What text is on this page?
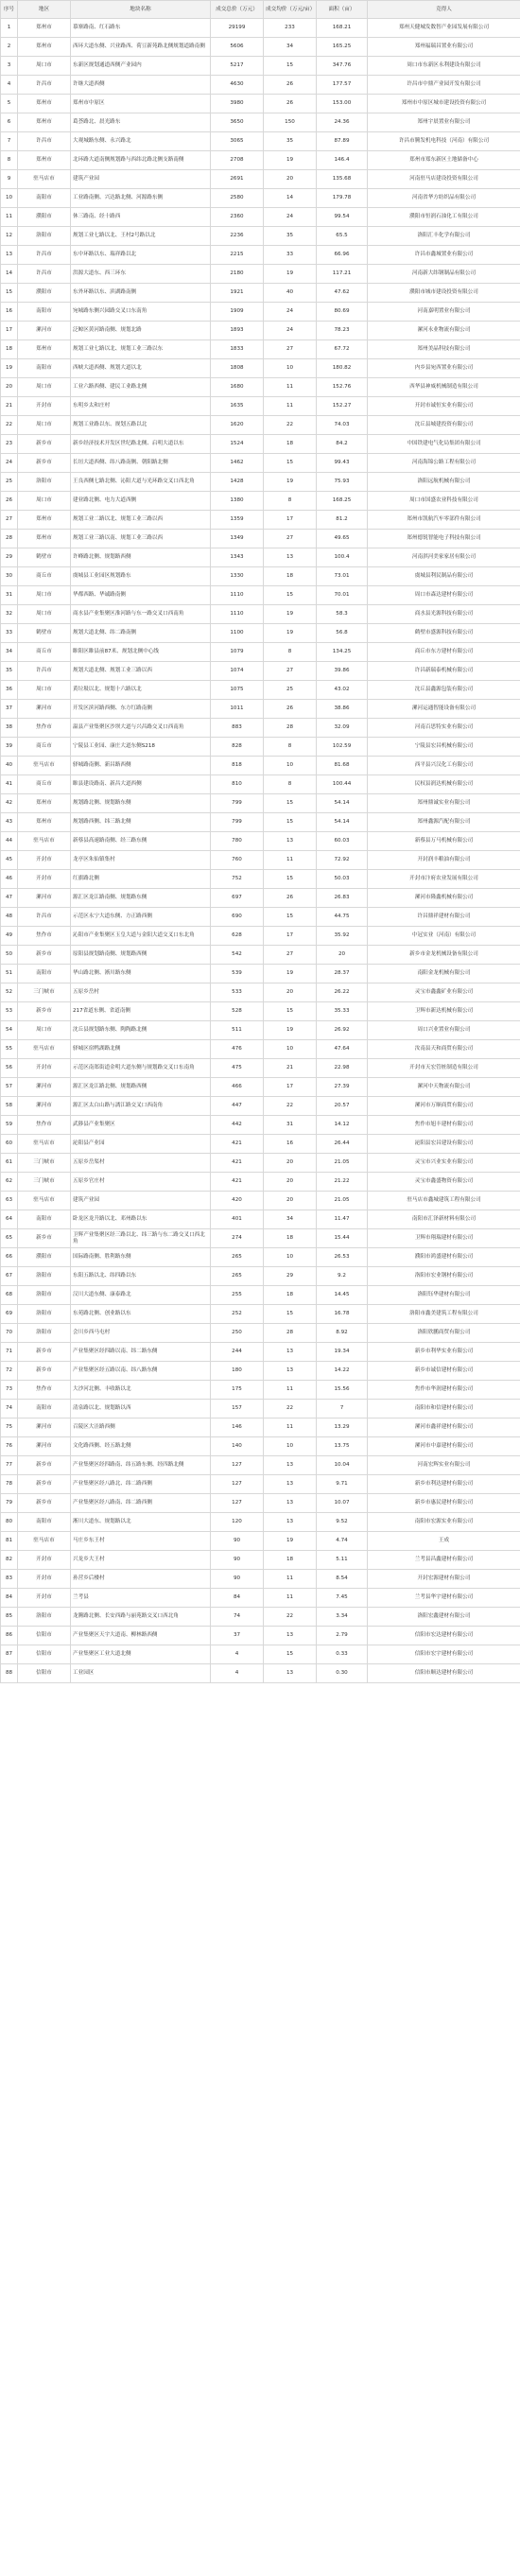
序号	地区	地块名称	成交总价（万元）	成交均价（万元/亩）	面积（亩）	竞得人
1	郑州市	慕寨路南、红石路东	29199	233	168.21	郑州天健城发数智产业园发展有限公司
2	郑州市	西环大道东侧、兴业路西、荷豆新苑路北侧规划道路南侧	5606	34	165.25	郑州福瑞昌置业有限公司
3	周口市	东新区规划通道西侧产业园内	5217	15	347.76	周口市东新区永利建设有限公司
4	许昌市	许继大道西侧	4630	26	177.57	许昌市中鼎产业园开发有限公司
5	郑州市	郑州市中原区	3980	26	153.00	郑州市中原区城市建设投资有限公司
6	郑州市	葛荟路北、晨光路东	3650	150	24.36	郑州宇晨置业有限公司
7	许昌市	大观城路东侧、永兴路北	3065	35	87.89	许昌市腾发机电科技（河南）有限公司
8	郑州市	北环路大道南侧规划路与西纬北路北侧支路南侧	2708	19	146.4	郑州市郑东新区土地储备中心
9	驻马店市	建筑产业园	2691	20	135.68	河南驻马店建设投资有限公司
10	南阳市	工业路南侧、兴达路北侧、河源路东侧	2580	14	179.78	河南省华方纺织品有限公司
11	濮阳市	休三路南、经十路西	2360	24	99.54	濮阳市恒润石油化工有限公司
12	洛阳市	规划工业七路以北、王村2号路以北	2236	35	65.5	洛阳汇丰化学有限公司
13	许昌市	东中环路以东、瑞祥路以北	2215	33	66.96	许昌市鑫城置业有限公司
14	许昌市	洪源大道东、西三环东	2180	19	117.21	河南新大纬钢制品有限公司
15	濮阳市	东外环路以东、滨湖路南侧	1921	40	47.62	濮阳市城市建设投资有限公司
16	南阳市	宛城路东侧兴园路交叉口东南角	1909	24	80.69	河南嘉明置业有限公司
17	漯河市	泛鲸区黄河路南侧、规划北路	1893	24	78.23	漯河永业物流有限公司
18	郑州市	规划工业七路以北、规划工业三路以东	1833	27	67.72	郑州美晶科技有限公司
19	南阳市	西峡大道西侧、规划大道以北	1808	10	180.82	内乡县宛西置业有限公司
20	周口市	工业六路西侧、建民工业路北侧	1680	11	152.76	西华县神威机械制造有限公司
21	开封市	东明乡太和庄村	1635	11	152.27	开封市诚恒实业有限公司
22	周口市	规划工业路以东、规划五路以北	1620	22	74.03	沈丘县城建投资有限公司
23	新乡市	新乡经济技术开发区世纪路北侧、启明大道以东	1524	18	84.2	中国铁建电气化局集团有限公司
24	新乡市	长垣大道西侧、纬八路南侧、朝阳路北侧	1462	15	99.43	河南海锦公路工程有限公司
25	洛阳市	王良西侧七路北侧、沁阳大道与光环路交叉口西北角	1428	19	75.93	洛阳远航机械有限公司
26	周口市	建业路北侧、电力大道西侧	1380	8	168.25	周口市国盛农业科技有限公司
27	郑州市	规划工业二路以北、规划工业三路以西	1359	17	81.2	郑州市凯航汽车零部件有限公司
28	郑州市	规划工业三路以南、规划工业三路以西	1349	27	49.65	郑州德锐智能电子科技有限公司
29	鹤壁市	许峰路北侧、规划路西侧	1343	13	100.4	河南淇河美家家居有限公司
30	商丘市	虞城县工业园区规划路东	1330	18	73.01	虞城县利民制品有限公司
31	周口市	华都西路、华诚路南侧	1110	15	70.01	周口市森达建材有限公司
32	周口市	商水县产业集聚区淮河路与东一路交叉口西南角	1110	19	58.3	商水县光源科技有限公司
33	鹤壁市	规划大道北侧、纬二路南侧	1100	19	56.8	鹤壁市盛源科技有限公司
34	商丘市	睢阳区睢县前87米、规划北侧中心线	1079	8	134.25	商丘市东方建材有限公司
35	许昌市	规划大道北侧、规划工业三路以西	1074	27	39.86	许昌新瑞泰机械有限公司
36	周口市	黄垃圾以北、规划十六路以北	1075	25	43.02	沈丘县鑫源包装有限公司
37	漯河市	开发区滨河路西侧、东方红路南侧	1011	26	38.86	漯河运通智能设备有限公司
38	焦作市	温县产业集聚区沙坝大道与兴昌路交叉口西南角	883	28	32.09	河南百思特实业有限公司
39	商丘市	宁陵县工业园、康庄大道东侧S218	828	8	102.59	宁陵县宏昌机械有限公司
40	驻马店市	驿城路南侧、新昌路西侧	818	10	81.68	西平县兴汉化工有限公司
41	商丘市	睢县建设路南、新昌大道西侧	810	8	100.44	民权县润达机械有限公司
42	郑州市	规划路北侧、规划路东侧	799	15	54.14	郑州鼎诚实业有限公司
43	郑州市	规划路西侧、纬三路北侧	799	15	54.14	郑州鑫源汽配有限公司
44	驻马店市	新蔡县高速路南侧、经三路东侧	780	13	60.03	新蔡县万马机械有限公司
45	开封市	龙亭区朱仙镇集村	760	11	72.92	开封润丰粮油有限公司
46	开封市	红旗路北侧	752	15	50.03	开封市汴府农业发展有限公司
47	漯河市	源汇区龙江路南侧、规划路东侧	697	26	26.83	漯河市隆鑫机械有限公司
48	许昌市	示范区永宁大道东侧、方正路西侧	690	15	44.75	许昌鼎祥建材有限公司
49	焦作市	沁阳市产业集聚区玉皇大道与金阳大道交叉口东北角	628	17	35.92	中冠实业（河南）有限公司
50	新乡市	原阳县规划路南侧、规划路西侧	542	27	20	新乡市金龙机械设备有限公司
51	南阳市	华山路北侧、淅川路东侧	539	19	28.37	南阳金龙机械有限公司
52	三门峡市	五原乡岳村	533	20	26.22	灵宝市鑫鑫矿业有限公司
53	新乡市	217省道东侧、省道南侧	528	15	35.33	卫辉市新达机械有限公司
54	周口市	沈丘县规划路东侧、陶陶路北侧	511	19	26.92	周口兴业置业有限公司
55	驻马店市	驿城区宿鸭湖路北侧	476	10	47.64	汝南县天和商贸有限公司
56	开封市	示范区南郑街道金明大道东侧与规划路交叉口东南角	475	21	22.98	开封市天宏管桩制造有限公司
57	漯河市	源汇区龙江路北侧、规划路西侧	466	17	27.39	漯河中天物流有限公司
58	漯河市	源汇区太白山路与漓江路交叉口西南角	447	22	20.57	漯河市万顺商贸有限公司
59	焦作市	武陟县产业集聚区	442	31	14.12	焦作市旭丰建材有限公司
60	驻马店市	泌阳县产业园	421	16	26.44	泌阳县宏昌建设有限公司
61	三门峡市	五原乡岳渠村	421	20	21.05	灵宝市兴业实业有限公司
62	三门峡市	五原乡官庄村	421	20	21.22	灵宝市鑫盛物资有限公司
63	驻马店市	建筑产业园	420	20	21.05	驻马店市鑫城建筑工程有限公司
64	南阳市	卧龙区龙升路以北、邓州路以东	401	34	11.47	南阳市汇泽新材料有限公司
65	新乡市	卫辉产业集聚区经三路以北、纬三路与东二路交叉口西北角	274	18	15.44	卫辉市翔瑞建材有限公司
66	濮阳市	国际路南侧、胜利路东侧	265	10	26.53	濮阳市鸿盛建材有限公司
67	洛阳市	东阳五路以北、纬四路以东	265	29	9.2	洛阳市宏业钢材有限公司
68	洛阳市	汉川大道东侧、康泰路北	255	18	14.45	洛阳钰华建材有限公司
69	洛阳市	东苑路北侧、创业路以东	252	15	16.78	洛阳市鑫美建筑工程有限公司
70	洛阳市	会川乡西马屯村	250	28	8.92	洛阳欣鹏商贸有限公司
71	新乡市	产业集聚区经四路以南、纬二路东侧	244	13	19.34	新乡市利华实业有限公司
72	新乡市	产业集聚区经五路以南、纬八路东侧	180	13	14.22	新乡市诚信建材有限公司
73	焦作市	大沙河北侧、丰收路以北	175	11	15.56	焦作市华润建材有限公司
74	南阳市	清泉路以北、规划路以西	157	22	7	南阳市和信建材有限公司
75	漯河市	召陵区大洼路西侧	146	11	13.29	漯河市鑫祥建材有限公司
76	漯河市	文化路西侧、经五路北侧	140	10	13.75	漯河市中嘉建材有限公司
77	新乡市	产业集聚区经四路南、纬五路东侧、经四路北侧	127	13	10.04	河南宏辉实业有限公司
78	新乡市	产业集聚区经八路北、纬二路西侧	127	13	9.71	新乡市利达建材有限公司
79	新乡市	产业集聚区经八路南、纬二路西侧	127	13	10.07	新乡市惠民建材有限公司
80	南阳市	淅川大道东、规划路以北	120	13	9.52	南阳市宏源实业有限公司
81	驻马店市	马庄乡东王村	90	19	4.74	王成
82	开封市	兴龙乡大王村	90	18	5.11	兰考县昌鑫建材有限公司
83	开封市	孙营乡后楼村	90	11	8.54	开封宏源建材有限公司
84	开封市	兰考县	84	11	7.45	兰考县华宇建材有限公司
85	洛阳市	龙腾路北侧、长安西路与丽苑路交叉口西北角	74	22	3.34	洛阳宏鑫建材有限公司
86	信阳市	产业集聚区天宇大道南、柳林路西侧	37	13	2.79	信阳市宏达建材有限公司
87	信阳市	产业集聚区工业大道北侧	4	15	0.33	信阳市宏宇建材有限公司
88	信阳市	工业园区	4	13	0.30	信阳市顺达建材有限公司
